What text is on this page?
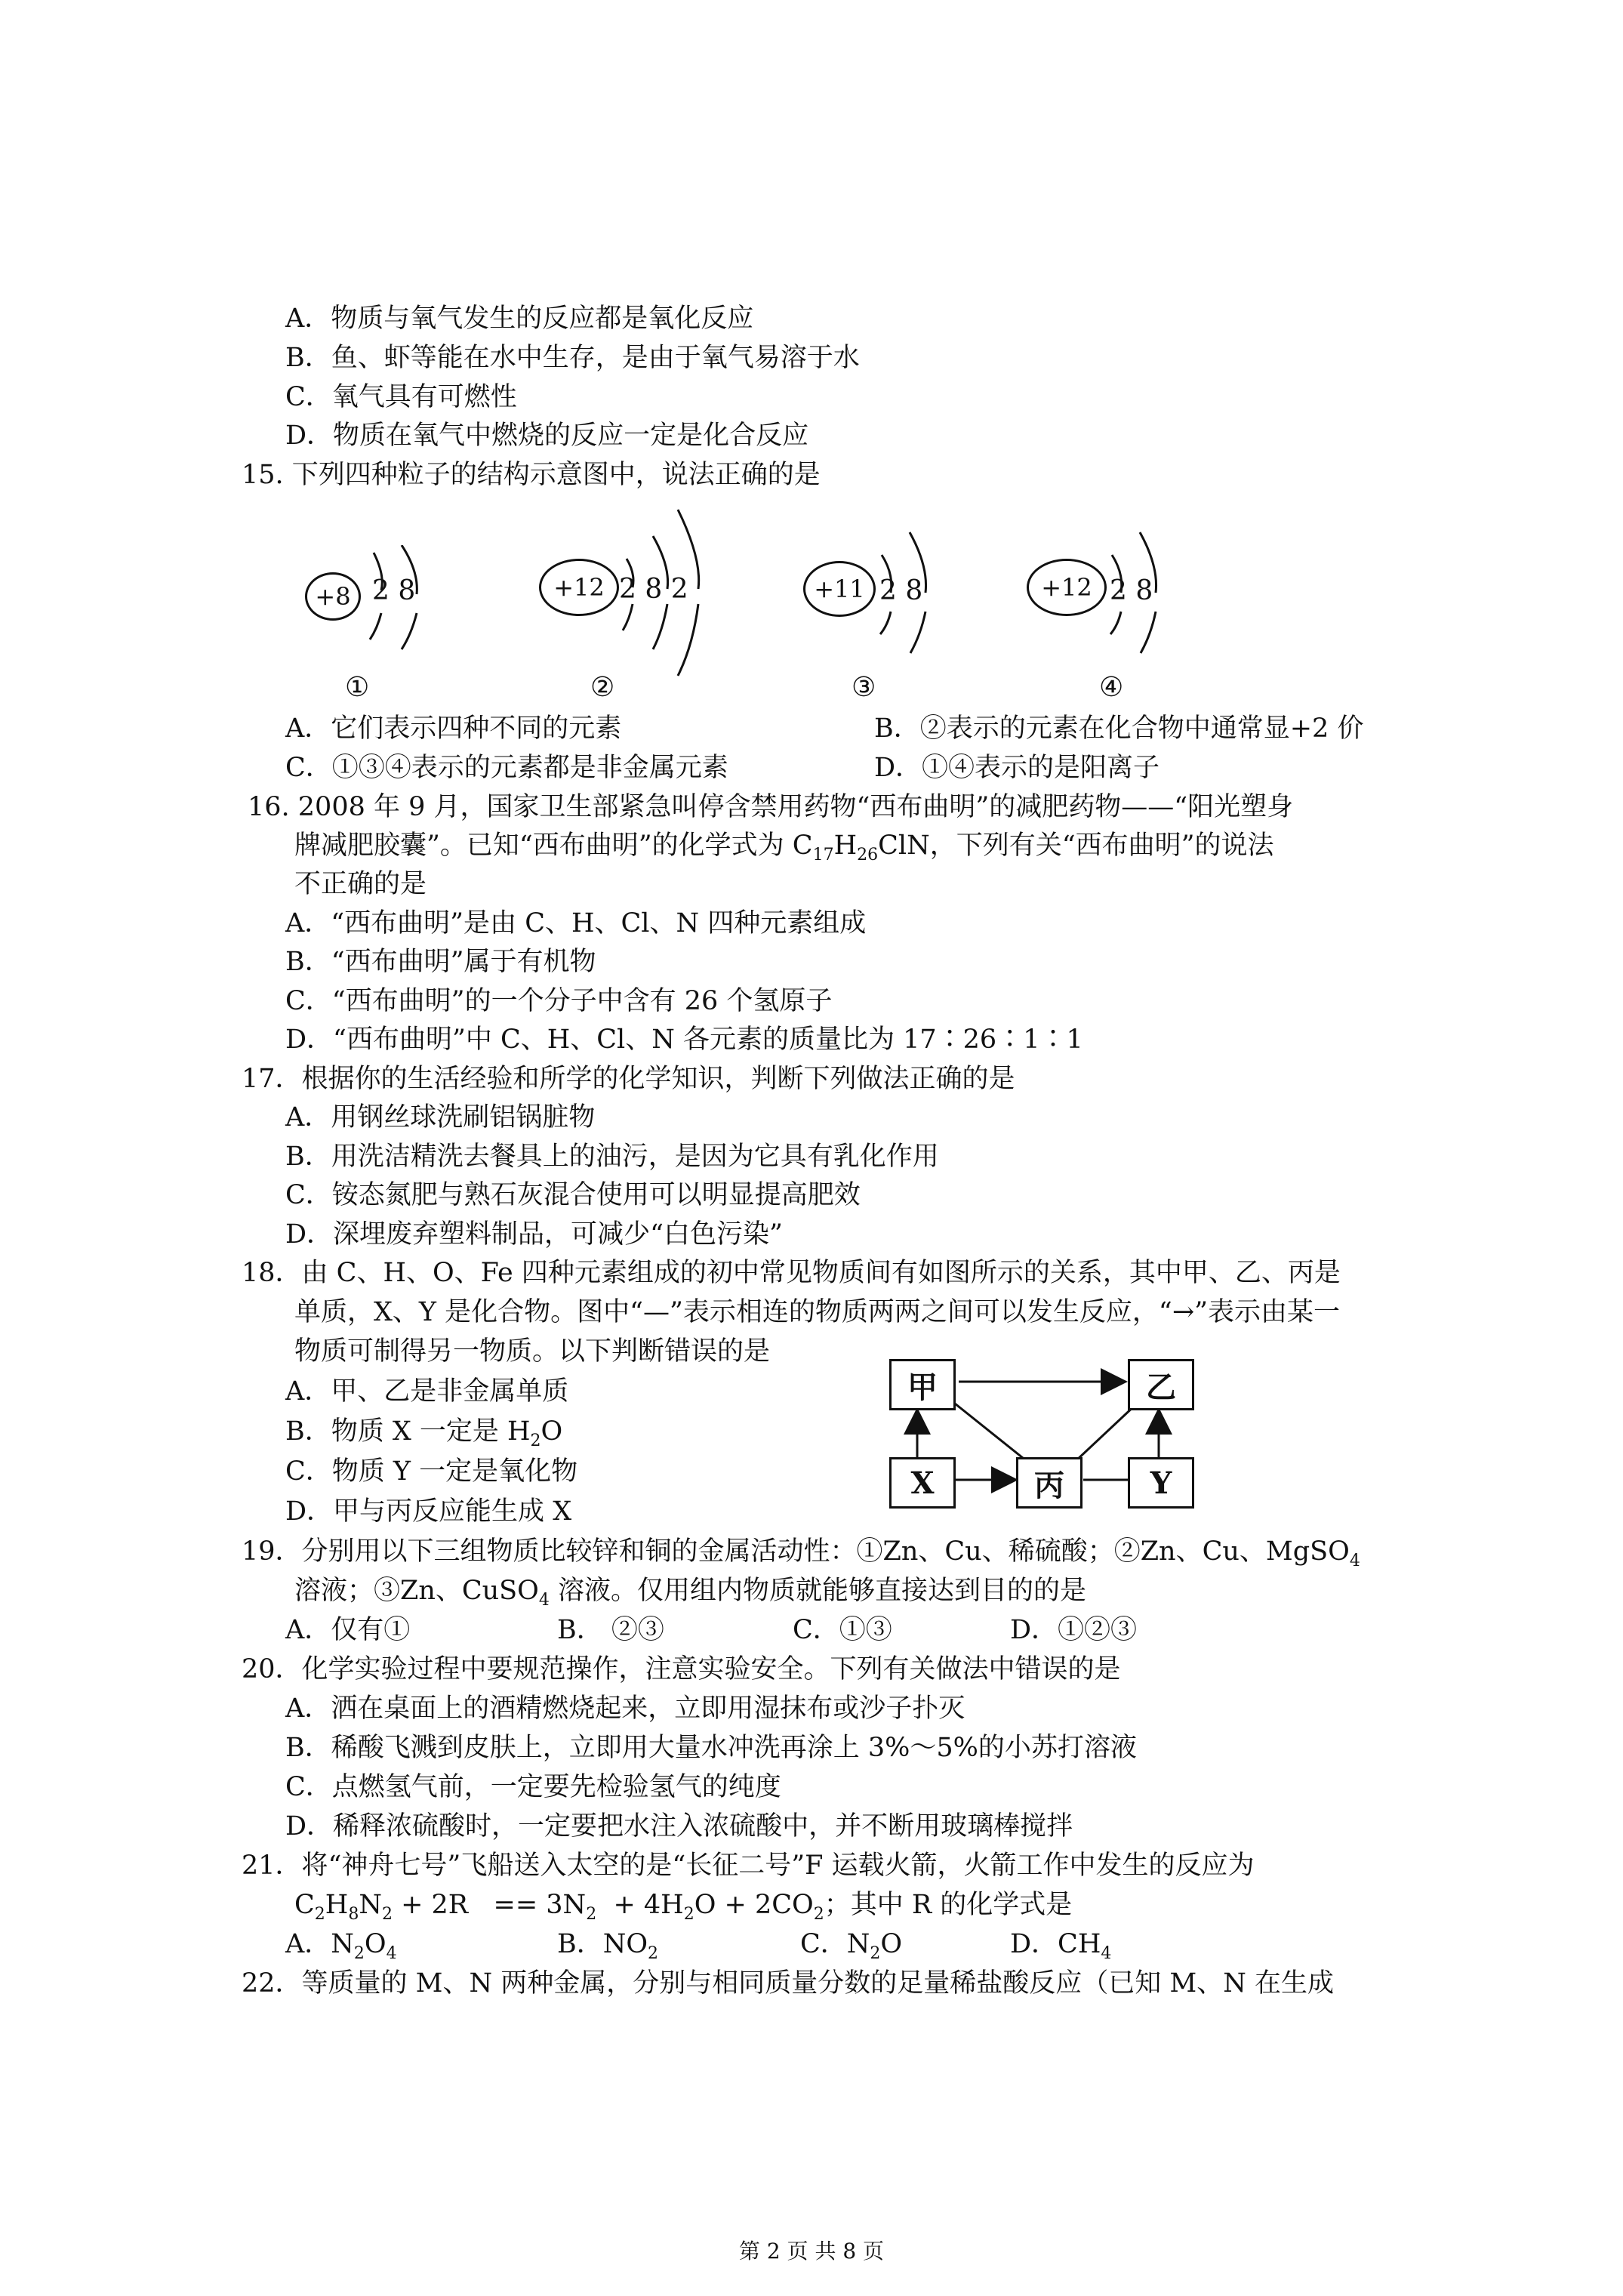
A．物质与氧气发生的反应都是氧化反应
B．鱼、虾等能在水中生存，是由于氧气易溶于水
C．氧气具有可燃性
D．物质在氧气中燃烧的反应一定是化合反应
15. 下列四种粒子的结构示意图中，说法正确的是
+8 2 8
①
+12 2 8 2
②
+11 2 8
③
+12 2 8
④
A．它们表示四种不同的元素	B．②表示的元素在化合物中通常显+2 价
C．①③④表示的元素都是非金属元素	D．①④表示的是阳离子
16. 2008 年 9 月，国家卫生部紧急叫停含禁用药物“西布曲明”的减肥药物——“阳光塑身
牌减肥胶囊”。已知“西布曲明”的化学式为 $C_{17}H_{26}ClN$，下列有关“西布曲明”的说法
不正确的是
A．“西布曲明”是由 C、H、Cl、N 四种元素组成
B．“西布曲明”属于有机物
C．“西布曲明”的一个分子中含有 26 个氢原子
D．“西布曲明”中 C、H、Cl、N 各元素的质量比为 17∶26∶1∶1
17．根据你的生活经验和所学的化学知识，判断下列做法正确的是
A．用钢丝球洗刷铝锅脏物
B．用洗洁精洗去餐具上的油污，是因为它具有乳化作用
C．铵态氮肥与熟石灰混合使用可以明显提高肥效
D．深埋废弃塑料制品，可减少“白色污染”
18．由 C、H、O、Fe 四种元素组成的初中常见物质间有如图所示的关系，其中甲、乙、丙是
单质，X、Y 是化合物。图中“—”表示相连的物质两两之间可以发生反应，“→”表示由某一
物质可制得另一物质。以下判断错误的是
A．甲、乙是非金属单质
B．物质 X 一定是 $H_2O$
C．物质 Y 一定是氧化物
D．甲与丙反应能生成 X
甲	乙
X	丙	Y
19．分别用以下三组物质比较锌和铜的金属活动性：①Zn、Cu、稀硫酸；②Zn、Cu、MgSO$_4$
溶液；③Zn、CuSO$_4$ 溶液。仅用组内物质就能够直接达到目的的是
A．仅有①	B． ②③	C．①③	D．①②③
20．化学实验过程中要规范操作，注意实验安全。下列有关做法中错误的是
A．洒在桌面上的酒精燃烧起来，立即用湿抹布或沙子扑灭
B．稀酸飞溅到皮肤上，立即用大量水冲洗再涂上 3%～5%的小苏打溶液
C．点燃氢气前，一定要先检验氢气的纯度
D．稀释浓硫酸时，一定要把水注入浓硫酸中，并不断用玻璃棒搅拌
21．将“神舟七号”飞船送入太空的是“长征二号”F 运载火箭，火箭工作中发生的反应为
$C_2H_8N_2 + 2R == 3N_2 + 4H_2O + 2CO_2$；其中 R 的化学式是
A．$N_2O_4$	B．$NO_2$	C．$N_2O$	D．$CH_4$
22．等质量的 M、N 两种金属，分别与相同质量分数的足量稀盐酸反应（已知 M、N 在生成
第 2 页 共 8 页
